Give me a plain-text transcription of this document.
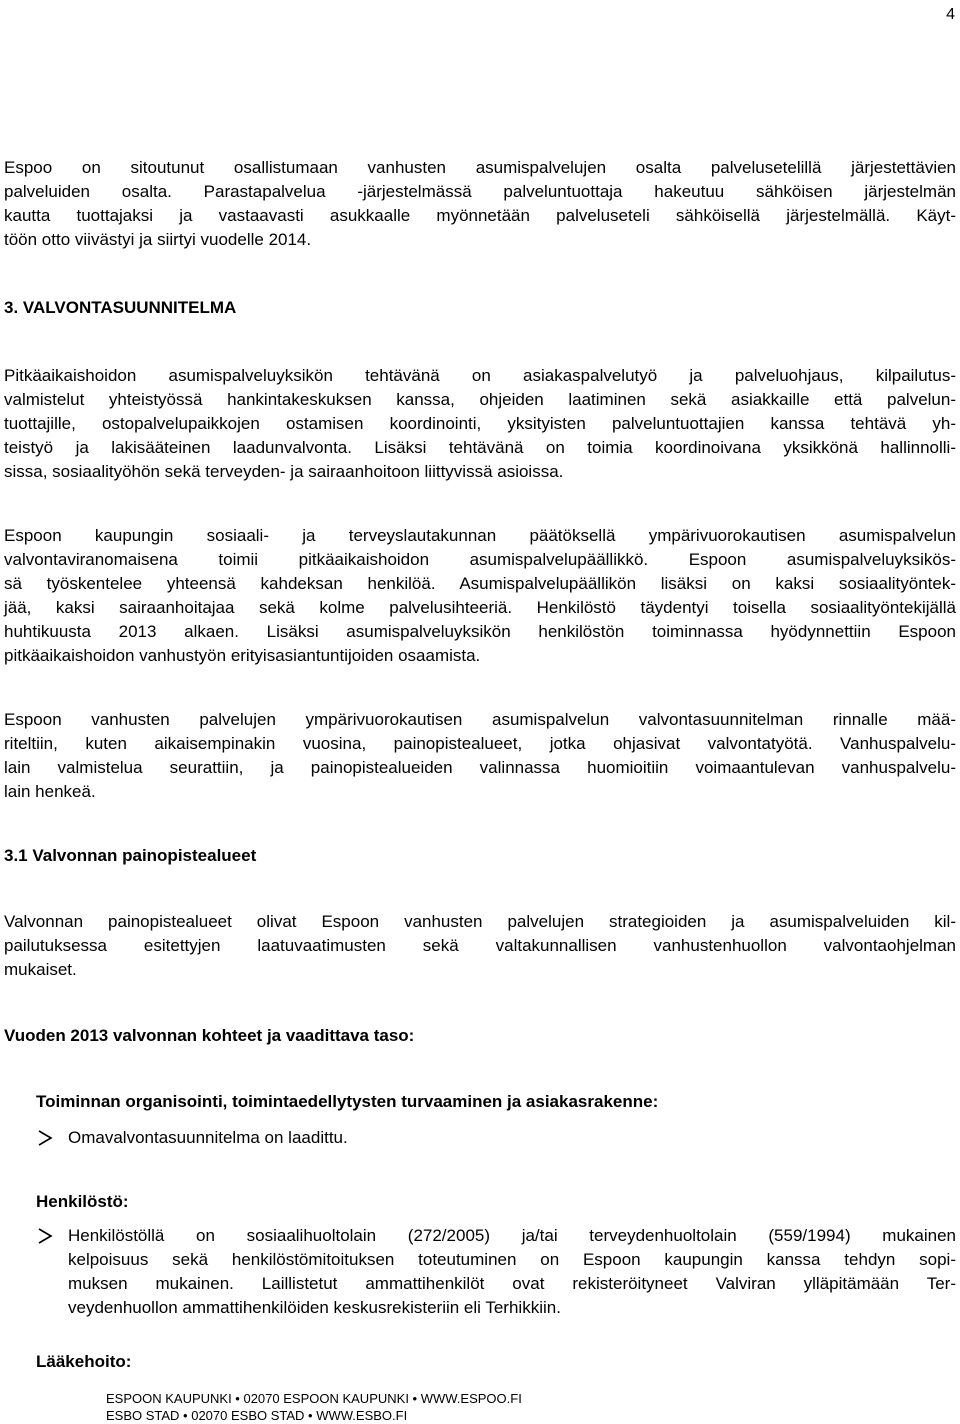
4
Espoo on sitoutunut osallistumaan vanhusten asumispalvelujen osalta palvelusetelillä järjestettävien
palveluiden osalta. Parastapalvelua -järjestelmässä palveluntuottaja hakeutuu sähköisen järjestelmän
kautta tuottajaksi ja vastaavasti asukkaalle myönnetään palveluseteli sähköisellä järjestelmällä. Käyt-
töön otto viivästyi ja siirtyi vuodelle 2014.
3. VALVONTASUUNNITELMA
Pitkäaikaishoidon asumispalveluyksikön tehtävänä on asiakaspalvelutyö ja palveluohjaus, kilpailutus-
valmistelut yhteistyössä hankintakeskuksen kanssa, ohjeiden laatiminen sekä asiakkaille että palvelun-
tuottajille, ostopalvelupaikkojen ostamisen koordinointi, yksityisten palveluntuottajien kanssa tehtävä yh-
teistyö ja lakisääteinen laadunvalvonta. Lisäksi tehtävänä on toimia koordinoivana yksikkönä hallinnolli-
sissa, sosiaalityöhön sekä terveyden- ja sairaanhoitoon liittyvissä asioissa.
Espoon kaupungin sosiaali- ja terveyslautakunnan päätöksellä ympärivuorokautisen asumispalvelun
valvontaviranomaisena toimii pitkäaikaishoidon asumispalvelupäällikkö. Espoon asumispalveluyksikös-
sä työskentelee yhteensä kahdeksan henkilöä. Asumispalvelupäällikön lisäksi on kaksi sosiaalityöntek-
jää, kaksi sairaanhoitajaa sekä kolme palvelusihteeriä. Henkilöstö täydentyi toisella sosiaalityöntekijällä
huhtikuusta 2013 alkaen. Lisäksi asumispalveluyksikön henkilöstön toiminnassa hyödynnettiin Espoon
pitkäaikaishoidon vanhustyön erityisasiantuntijoiden osaamista.
Espoon vanhusten palvelujen ympärivuorokautisen asumispalvelun valvontasuunnitelman rinnalle mää-
riteltiin, kuten aikaisempinakin vuosina, painopistealueet, jotka ohjasivat valvontatyötä. Vanhuspalvelu-
lain valmistelua seurattiin, ja painopistealueiden valinnassa huomioitiin voimaantulevan vanhuspalvelu-
lain henkeä.
3.1 Valvonnan painopistealueet
Valvonnan painopistealueet olivat Espoon vanhusten palvelujen strategioiden ja asumispalveluiden kil-
pailutuksessa esitettyjen laatuvaatimusten sekä valtakunnallisen vanhustenhuollon valvontaohjelman
mukaiset.
Vuoden 2013 valvonnan kohteet ja vaadittava taso:
Toiminnan organisointi, toimintaedellytysten turvaaminen ja asiakasrakenne:
Omavalvontasuunnitelma on laadittu.
Henkilöstö:
Henkilöstöllä on sosiaalihuoltolain (272/2005) ja/tai terveydenhuoltolain (559/1994) mukainen
kelpoisuus sekä henkilöstömitoituksen toteutuminen on Espoon kaupungin kanssa tehdyn sopi-
muksen mukainen. Laillistetut ammattihenkilöt ovat rekisteröityneet Valviran ylläpitämään Ter-
veydenhuollon ammattihenkilöiden keskusrekisteriin eli Terhikkiin.
Lääkehoito:
ESPOON KAUPUNKI • 02070 ESPOON KAUPUNKI • WWW.ESPOO.FI
ESBO STAD • 02070 ESBO STAD • WWW.ESBO.FI
